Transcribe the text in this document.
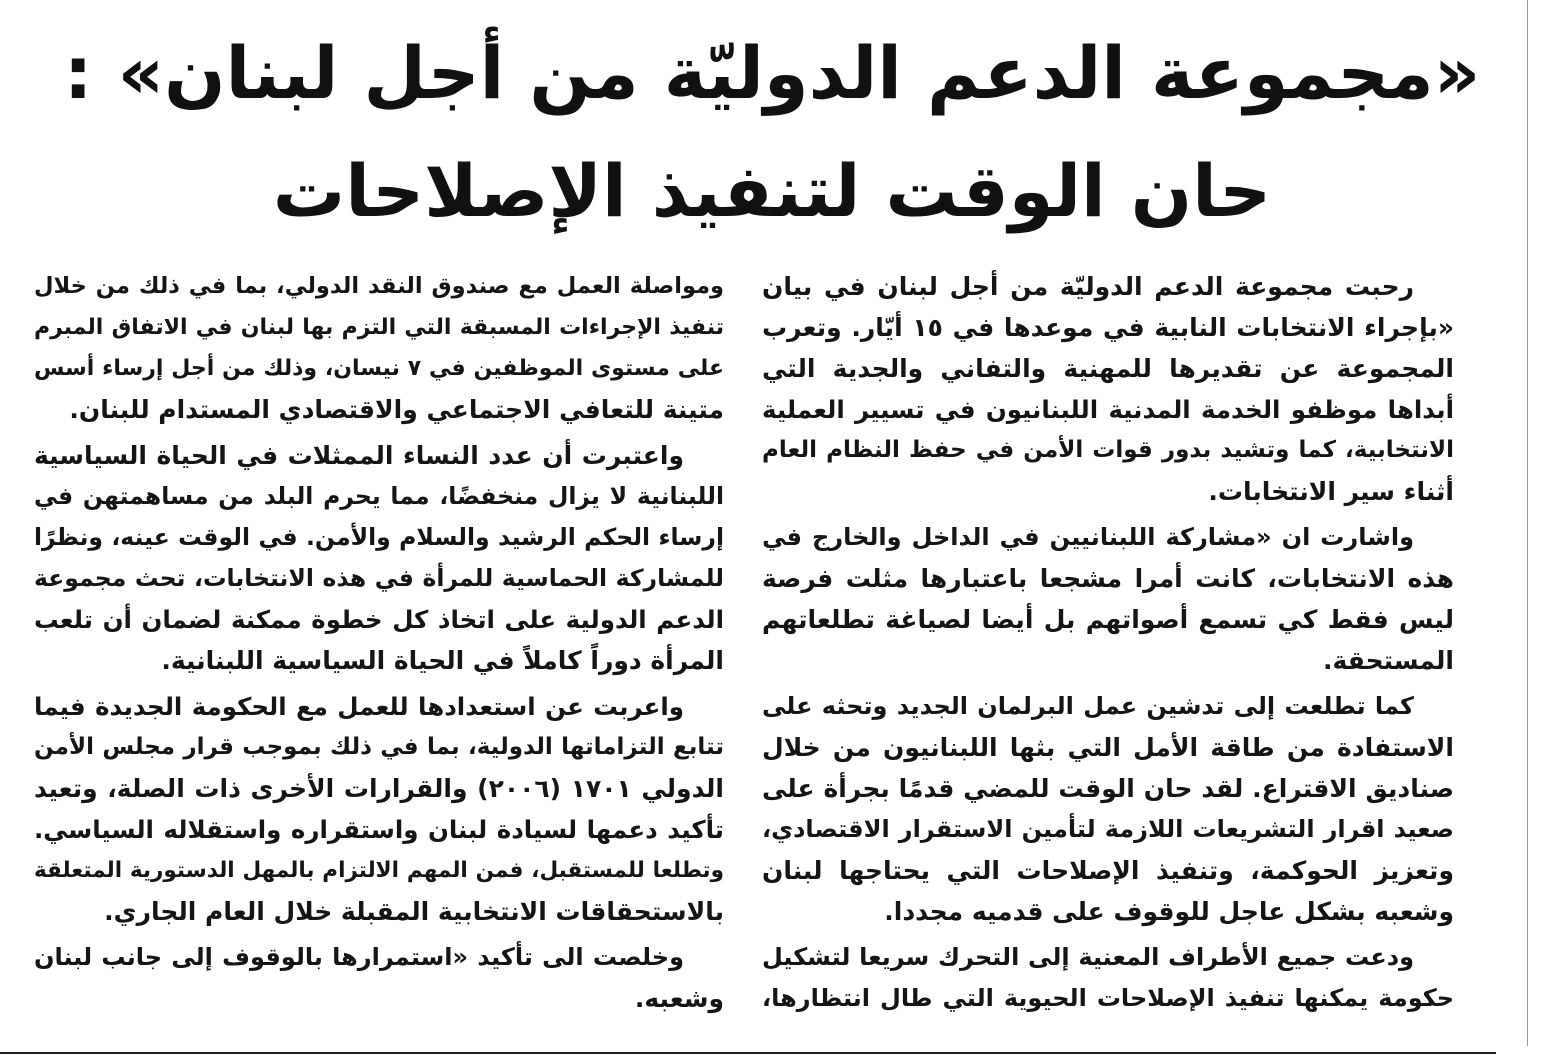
«مجموعة الدعم الدوليّة من أجل لبنان» :
حان الوقت لتنفيذ الإصلاحات
رحبت مجموعة الدعم الدوليّة من أجل لبنان في بيان
«بإجراء الانتخابات النابية في موعدها في ١٥ أيّار. وتعرب
المجموعة عن تقديرها للمهنية والتفاني والجدية التي
أبداها موظفو الخدمة المدنية اللبنانيون في تسيير العملية
الانتخابية، كما وتشيد بدور قوات الأمن في حفظ النظام العام
أثناء سير الانتخابات.
واشارت ان «مشاركة اللبنانيين في الداخل والخارج في
هذه الانتخابات، كانت أمرا مشجعا باعتبارها مثلت فرصة
ليس فقط كي تسمع أصواتهم بل أيضا لصياغة تطلعاتهم
المستحقة.
كما تطلعت إلى تدشين عمل البرلمان الجديد وتحثه على
الاستفادة من طاقة الأمل التي بثها اللبنانيون من خلال
صناديق الاقتراع. لقد حان الوقت للمضي قدمًا بجرأة على
صعيد اقرار التشريعات اللازمة لتأمين الاستقرار الاقتصادي،
وتعزيز الحوكمة، وتنفيذ الإصلاحات التي يحتاجها لبنان
وشعبه بشكل عاجل للوقوف على قدميه مجددا.
ودعت جميع الأطراف المعنية إلى التحرك سريعا لتشكيل
حكومة يمكنها تنفيذ الإصلاحات الحيوية التي طال انتظارها،
ومواصلة العمل مع صندوق النقد الدولي، بما في ذلك من خلال
تنفيذ الإجراءات المسبقة التي التزم بها لبنان في الاتفاق المبرم
على مستوى الموظفين في ٧ نيسان، وذلك من أجل إرساء أسس
متينة للتعافي الاجتماعي والاقتصادي المستدام للبنان.
واعتبرت أن عدد النساء الممثلات في الحياة السياسية
اللبنانية لا يزال منخفضًا، مما يحرم البلد من مساهمتهن في
إرساء الحكم الرشيد والسلام والأمن. في الوقت عينه، ونظرًا
للمشاركة الحماسية للمرأة في هذه الانتخابات، تحث مجموعة
الدعم الدولية على اتخاذ كل خطوة ممكنة لضمان أن تلعب
المرأة دوراً كاملاً في الحياة السياسية اللبنانية.
واعربت عن استعدادها للعمل مع الحكومة الجديدة فيما
تتابع التزاماتها الدولية، بما في ذلك بموجب قرار مجلس الأمن
الدولي ١٧٠١ (٢٠٠٦) والقرارات الأخرى ذات الصلة، وتعيد
تأكيد دعمها لسيادة لبنان واستقراره واستقلاله السياسي.
وتطلعا للمستقبل، فمن المهم الالتزام بالمهل الدستورية المتعلقة
بالاستحقاقات الانتخابية المقبلة خلال العام الجاري.
وخلصت الى تأكيد «استمرارها بالوقوف إلى جانب لبنان
وشعبه.
